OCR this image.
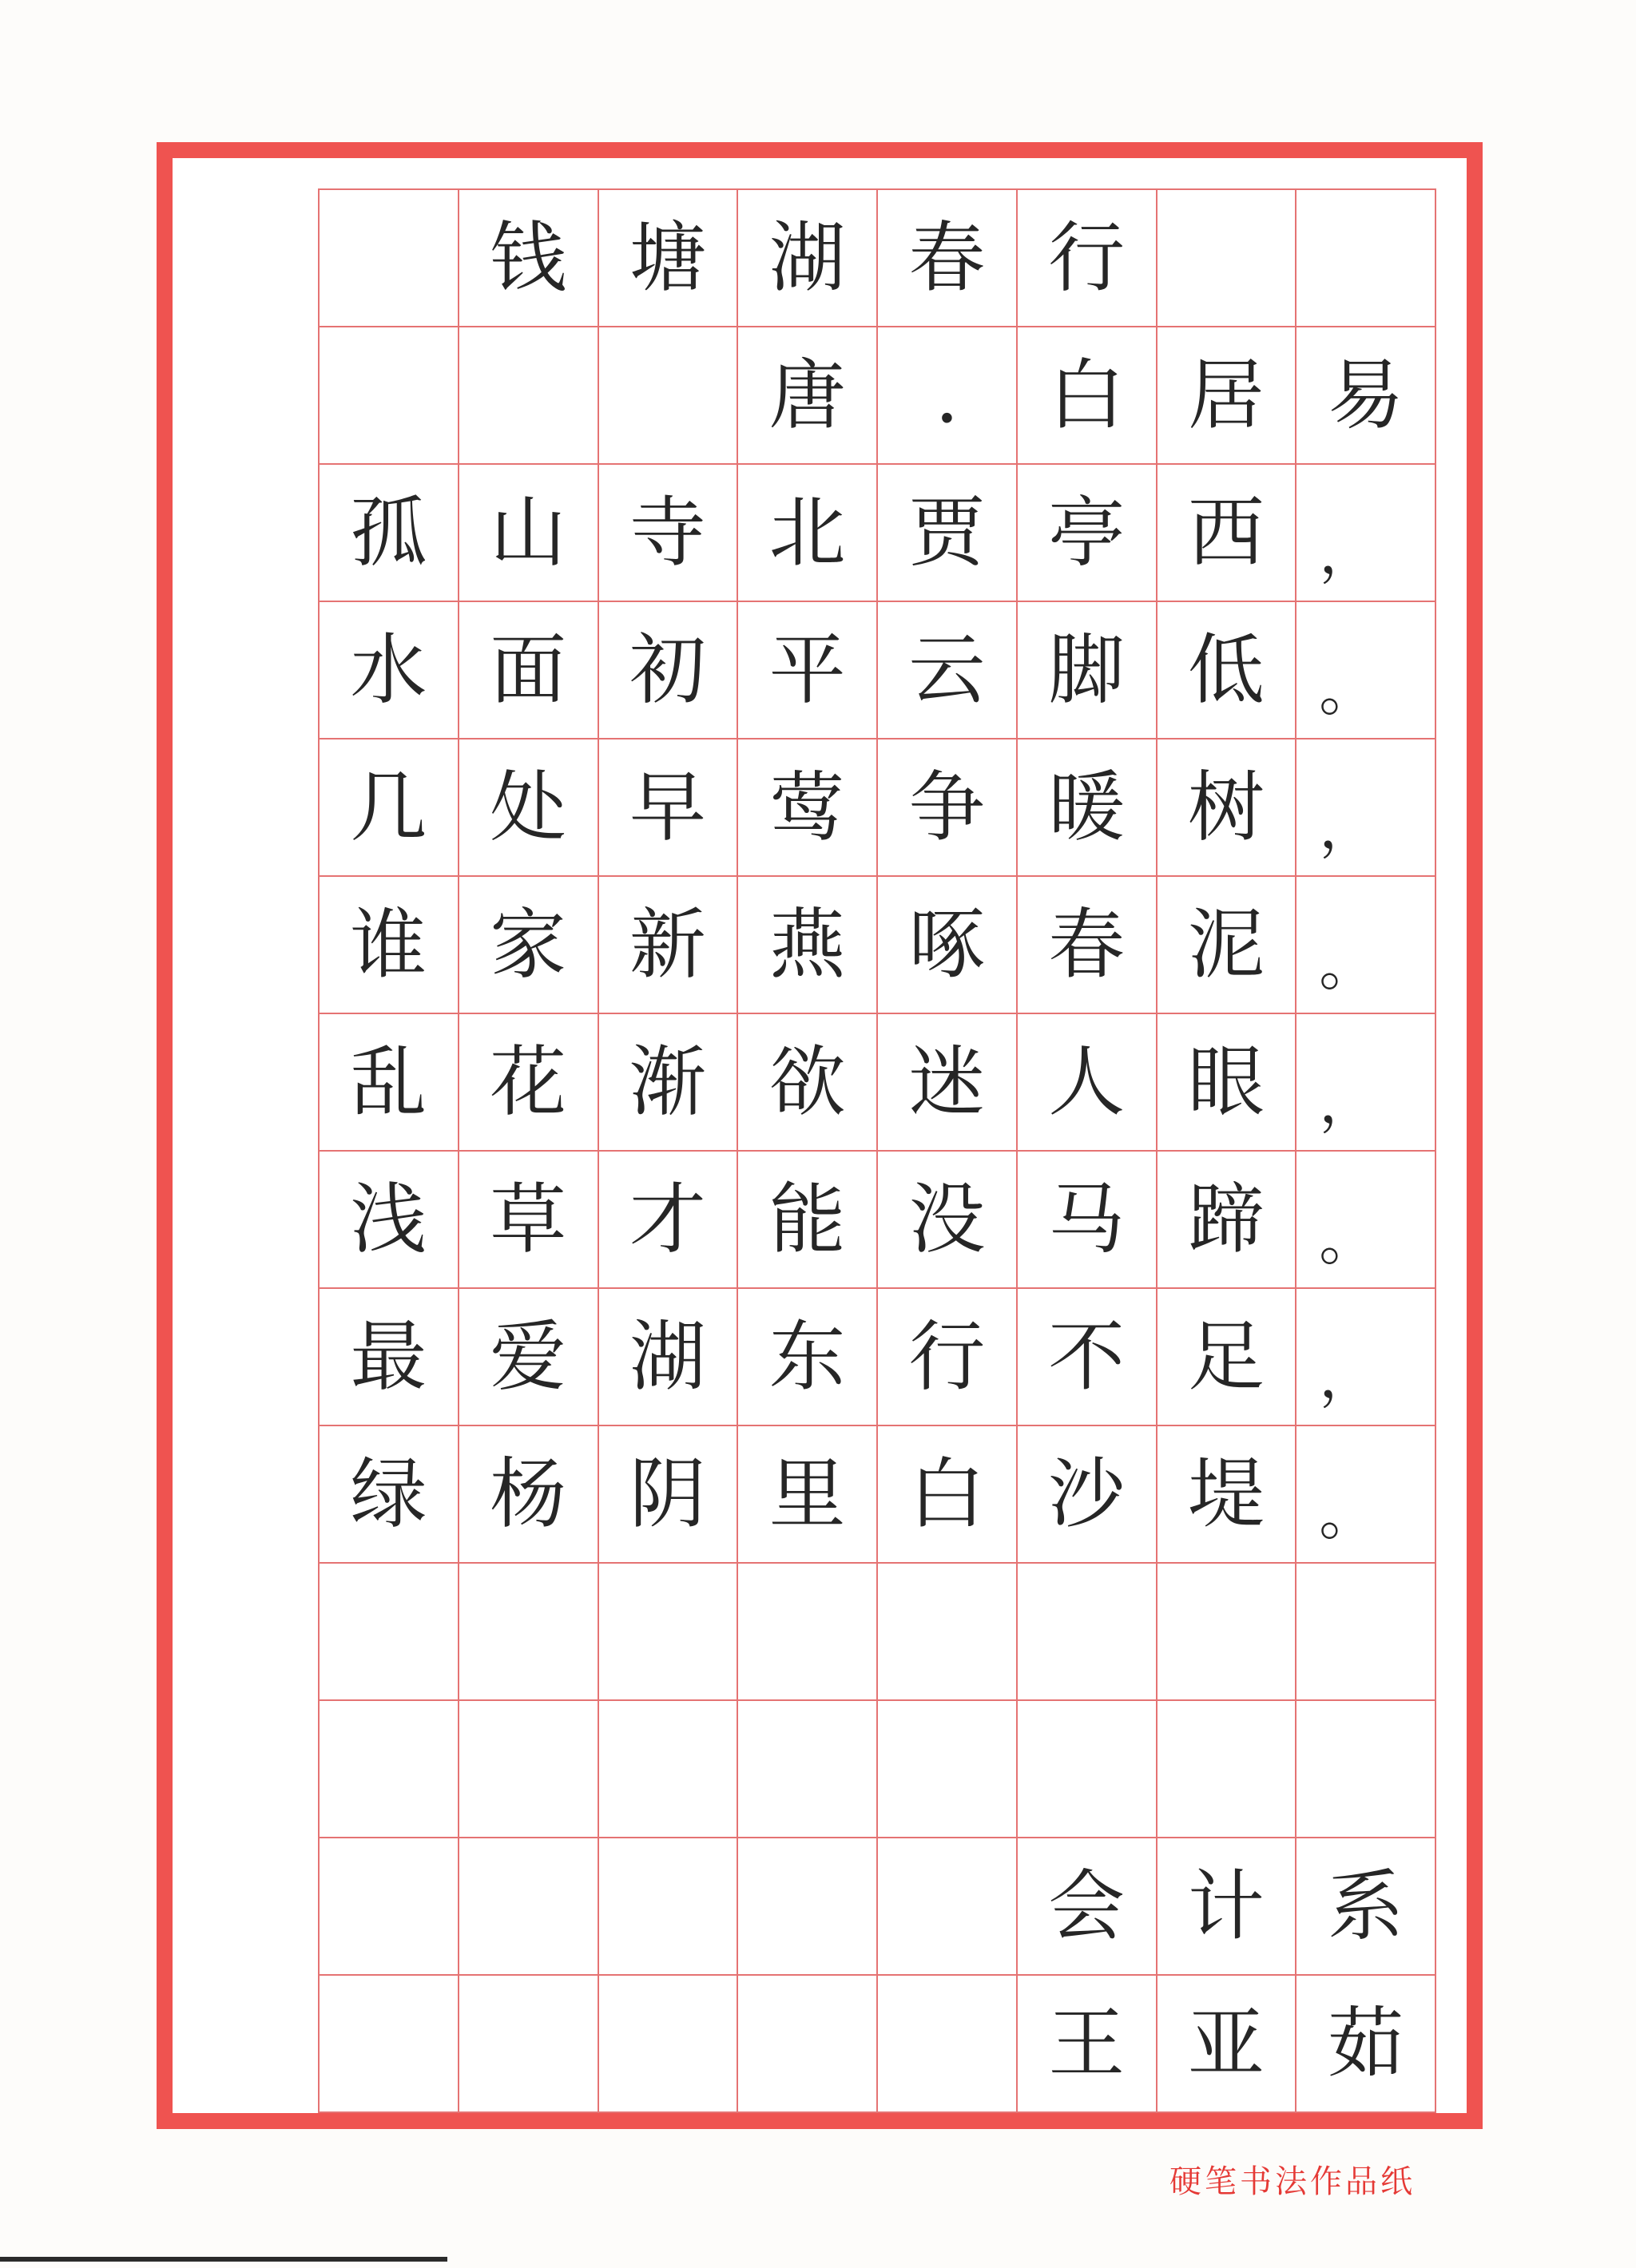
钱 塘 湖 春 行
唐	.	白 居 易
孤 山 寺 北 贾 亭 西 ，
水 面 初 平 云 脚 低 。
几 处 早 莺 争 暖 树 ，
谁 家 新 燕 啄 春 泥 。
乱 花 渐 欲 迷 人 眼 ，
浅 草 才 能 没 马 蹄 。
最 爱 湖 东 行 不 足 ，
绿 杨 阴 里 白 沙 堤 。
会 计 系
王 亚 茹
硬笔书法作品纸
